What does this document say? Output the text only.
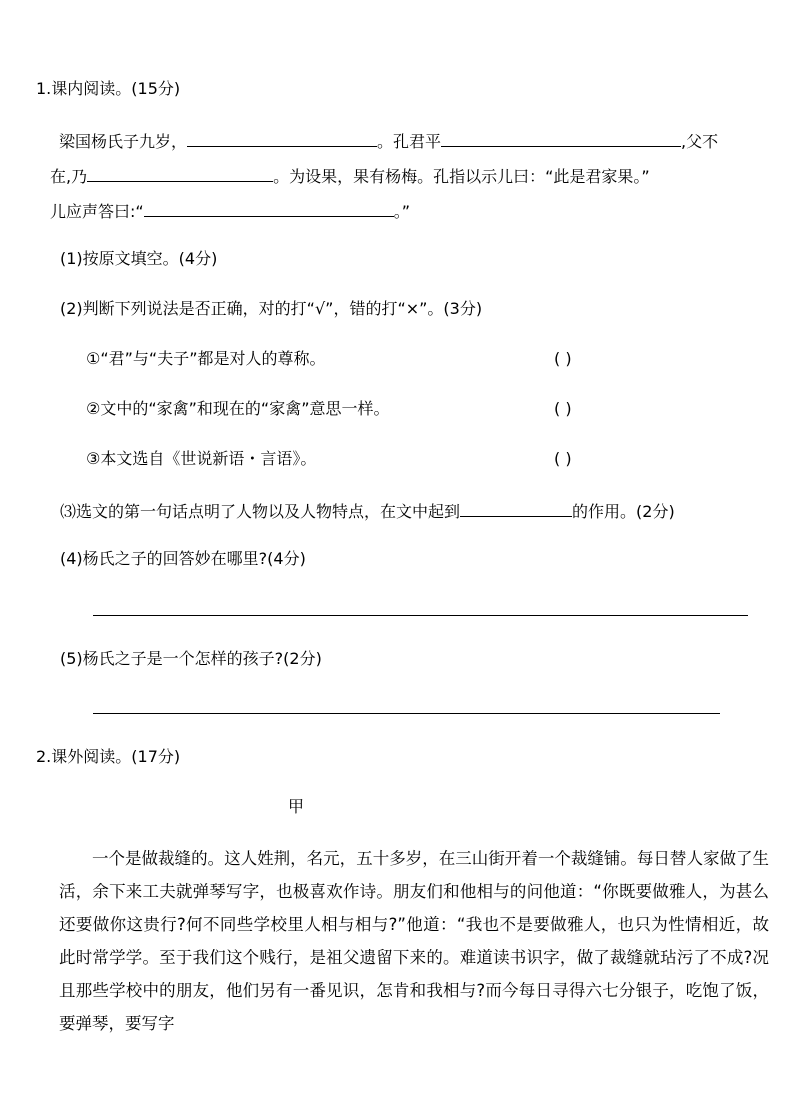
1.课内阅读。(15分)
梁国杨氏子九岁，	。孔君平	,父不
在,乃	。为设果，果有杨梅。孔指以示儿曰：“此是君家果。”
儿应声答曰:“	。”
(1)按原文填空。(4分)
(2)判断下列说法是否正确，对的打“√”，错的打“×”。(3分)
①“君”与“夫子”都是对人的尊称。	( )
②文中的“家禽”和现在的“家禽”意思一样。	( )
③本文选自《世说新语・言语》。	( )
⑶选文的第一句话点明了人物以及人物特点，在文中起到	的作用。(2分)
(4)杨氏之子的回答妙在哪里?(4分)
(5)杨氏之子是一个怎样的孩子?(2分)
2.课外阅读。(17分)
甲
一个是做裁缝的。这人姓荆，名元，五十多岁，在三山街开着一个裁缝铺。每日替人家做了生活，余下来工夫就弹琴写字，也极喜欢作诗。朋友们和他相与的问他道：“你既要做雅人，为甚么还要做你这贵行?何不同些学校里人相与相与?”他道：“我也不是要做雅人，也只为性情相近，故此时常学学。至于我们这个贱行，是祖父遗留下来的。难道读书识字，做了裁缝就玷污了不成?况且那些学校中的朋友，他们另有一番见识，怎肯和我相与?而今每日寻得六七分银子，吃饱了饭，要弹琴，要写字
